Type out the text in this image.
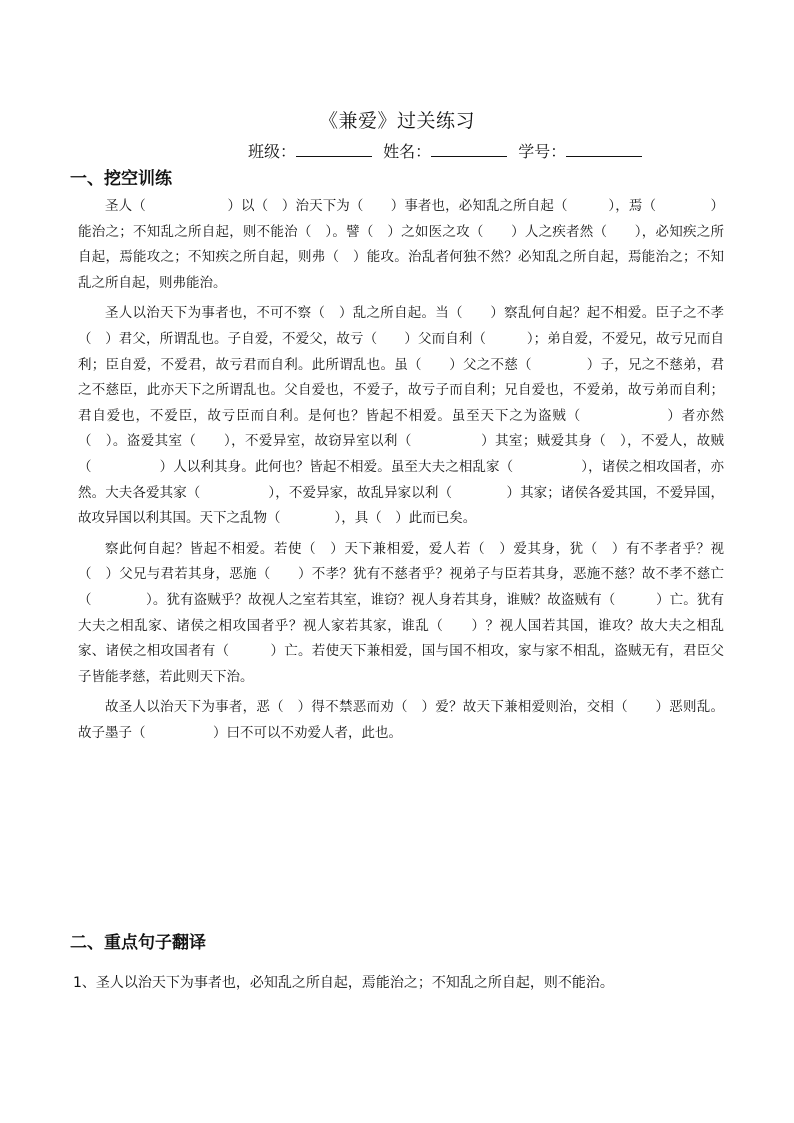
《兼爱》过关练习
班级：	姓名：	学号：
一、挖空训练

圣人（　　　　　　）以（　）治天下为（　　）事者也，必知乱之所自起（　　　），焉（　　　　）能治之；不知乱之所自起，则不能治（　）。譬（　）之如医之攻（　　）人之疾者然（　　），必知疾之所自起，焉能攻之；不知疾之所自起，则弗（　）能攻。治乱者何独不然？必知乱之所自起，焉能治之；不知乱之所自起，则弗能治。

圣人以治天下为事者也，不可不察（　）乱之所自起。当（　　）察乱何自起？起不相爱。臣子之不孝（　）君父，所谓乱也。子自爱，不爱父，故亏（　　）父而自利（　　　）；弟自爱，不爱兄，故亏兄而自利；臣自爱，不爱君，故亏君而自利。此所谓乱也。虽（　　）父之不慈（　　　　）子，兄之不慈弟，君之不慈臣，此亦天下之所谓乱也。父自爱也，不爱子，故亏子而自利；兄自爱也，不爱弟，故亏弟而自利；君自爱也，不爱臣，故亏臣而自利。是何也？皆起不相爱。虽至天下之为盗贼（　　　　　　）者亦然（　）。盗爱其室（　　），不爱异室，故窃异室以利（　　　　　）其室；贼爱其身（　），不爱人，故贼（　　　　　）人以利其身。此何也？皆起不相爱。虽至大夫之相乱家（　　　　　），诸侯之相攻国者，亦然。大夫各爱其家（　　　　　），不爱异家，故乱异家以利（　　　　）其家；诸侯各爱其国，不爱异国，故攻异国以利其国。天下之乱物（　　　　），具（　）此而已矣。

察此何自起？皆起不相爱。若使（　）天下兼相爱，爱人若（　）爱其身，犹（　）有不孝者乎？视（　）父兄与君若其身，恶施（　　）不孝？犹有不慈者乎？视弟子与臣若其身，恶施不慈？故不孝不慈亡（　　　　）。犹有盗贼乎？故视人之室若其室，谁窃？视人身若其身，谁贼？故盗贼有（　　　）亡。犹有大夫之相乱家、诸侯之相攻国者乎？视人家若其家，谁乱（　　）？视人国若其国，谁攻？故大夫之相乱家、诸侯之相攻国者有（　　　）亡。若使天下兼相爱，国与国不相攻，家与家不相乱，盗贼无有，君臣父子皆能孝慈，若此则天下治。

故圣人以治天下为事者，恶（　）得不禁恶而劝（　）爱？故天下兼相爱则治，交相（　　）恶则乱。故子墨子（　　　　　）曰不可以不劝爱人者，此也。

二、重点句子翻译
1、圣人以治天下为事者也，必知乱之所自起，焉能治之；不知乱之所自起，则不能治。
